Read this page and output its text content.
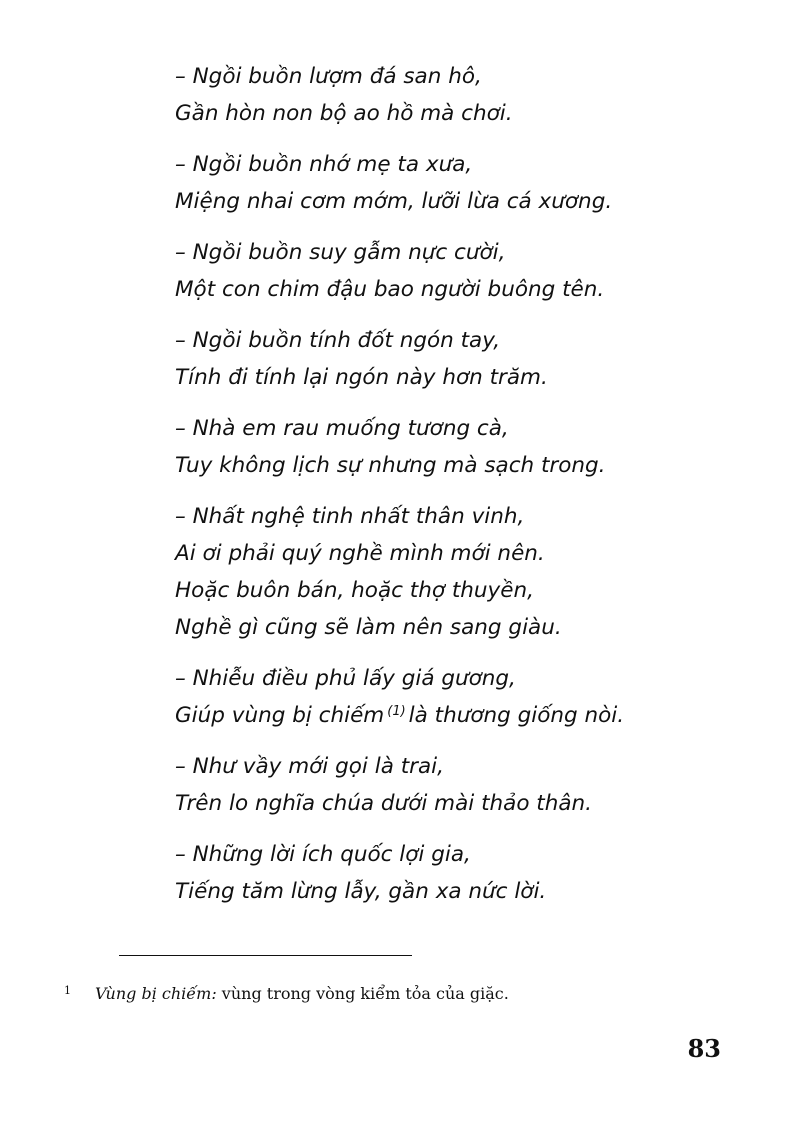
– Ngồi buồn lượm đá san hô,
Gần hòn non bộ ao hồ mà chơi.
– Ngồi buồn nhớ mẹ ta xưa,
Miệng nhai cơm mớm, lưỡi lừa cá xương.
– Ngồi buồn suy gẫm nực cười,
Một con chim đậu bao người buông tên.
– Ngồi buồn tính đốt ngón tay,
Tính đi tính lại ngón này hơn trăm.
– Nhà em rau muống tương cà,
Tuy không lịch sự nhưng mà sạch trong.
– Nhất nghệ tinh nhất thân vinh,
Ai ơi phải quý nghề mình mới nên.
Hoặc buôn bán, hoặc thợ thuyền,
Nghề gì cũng sẽ làm nên sang giàu.
– Nhiễu điều phủ lấy giá gương,
Giúp vùng bị chiếm $^{(1)}$ là thương giống nòi.
– Như vầy mới gọi là trai,
Trên lo nghĩa chúa dưới mài thảo thân.
– Những lời ích quốc lợi gia,
Tiếng tăm lừng lẫy, gần xa nức lời.
1 Vùng bị chiếm: vùng trong vòng kiểm tỏa của giặc.
83
